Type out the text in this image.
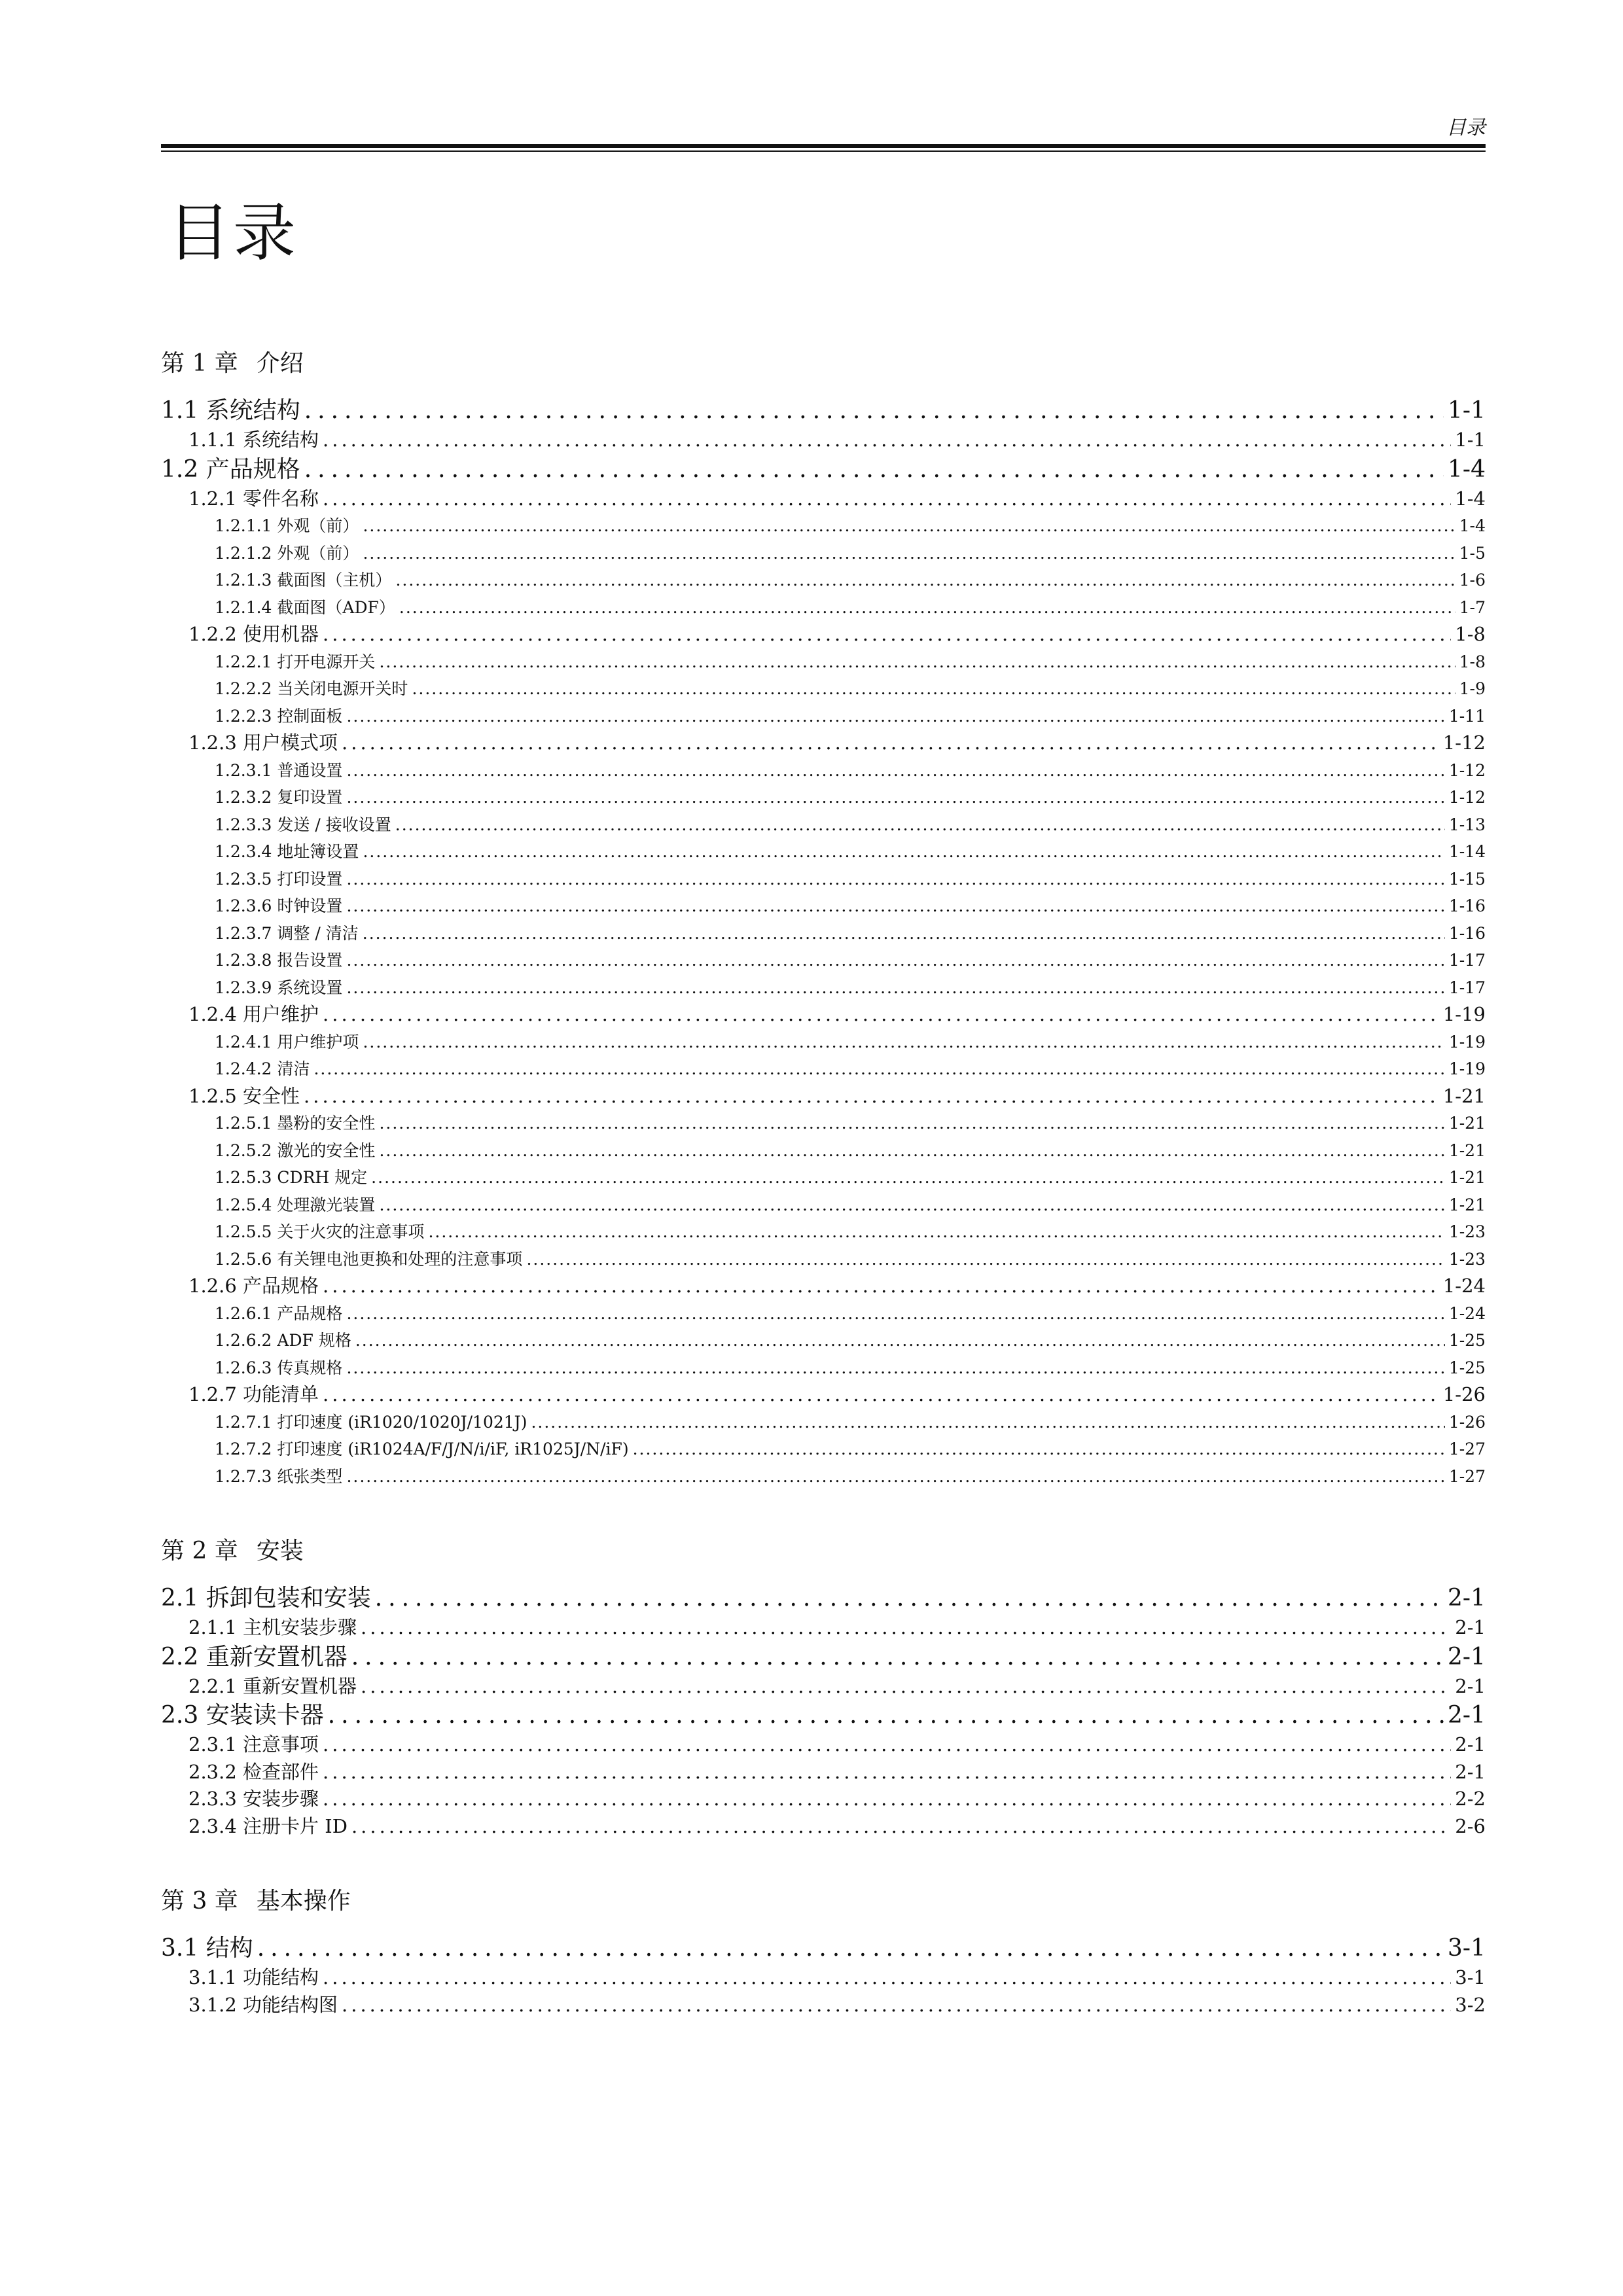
目录
目录
第 1 章 介绍
1.1 系统结构 .....	1-1
1.1.1 系统结构 .....	1-1
1.2 产品规格 .....	1-4
1.2.1 零件名称 .....	1-4
1.2.1.1 外观（前） .....	1-4
1.2.1.2 外观（前） .....	1-5
1.2.1.3 截面图（主机） .....	1-6
1.2.1.4 截面图（ADF） .....	1-7
1.2.2 使用机器 .....	1-8
1.2.2.1 打开电源开关 .....	1-8
1.2.2.2 当关闭电源开关时 .....	1-9
1.2.2.3 控制面板 .....	1-11
1.2.3 用户模式项 .....	1-12
1.2.3.1 普通设置 .....	1-12
1.2.3.2 复印设置 .....	1-12
1.2.3.3 发送 / 接收设置 .....	1-13
1.2.3.4 地址簿设置 .....	1-14
1.2.3.5 打印设置 .....	1-15
1.2.3.6 时钟设置 .....	1-16
1.2.3.7 调整 / 清洁 .....	1-16
1.2.3.8 报告设置 .....	1-17
1.2.3.9 系统设置 .....	1-17
1.2.4 用户维护 .....	1-19
1.2.4.1 用户维护项 .....	1-19
1.2.4.2 清洁 .....	1-19
1.2.5 安全性 .....	1-21
1.2.5.1 墨粉的安全性 .....	1-21
1.2.5.2 激光的安全性 .....	1-21
1.2.5.3 CDRH 规定 .....	1-21
1.2.5.4 处理激光装置 .....	1-21
1.2.5.5 关于火灾的注意事项 .....	1-23
1.2.5.6 有关锂电池更换和处理的注意事项 .....	1-23
1.2.6 产品规格 .....	1-24
1.2.6.1 产品规格 .....	1-24
1.2.6.2 ADF 规格 .....	1-25
1.2.6.3 传真规格 .....	1-25
1.2.7 功能清单 .....	1-26
1.2.7.1 打印速度 (iR1020/1020J/1021J) .....	1-26
1.2.7.2 打印速度 (iR1024A/F/J/N/i/iF, iR1025J/N/iF) .....	1-27
1.2.7.3 纸张类型 .....	1-27
第 2 章 安装
2.1 拆卸包装和安装 .....	2-1
2.1.1 主机安装步骤 .....	2-1
2.2 重新安置机器 .....	2-1
2.2.1 重新安置机器 .....	2-1
2.3 安装读卡器 .....	2-1
2.3.1 注意事项 .....	2-1
2.3.2 检查部件 .....	2-1
2.3.3 安装步骤 .....	2-2
2.3.4 注册卡片 ID .....	2-6
第 3 章 基本操作
3.1 结构 .....	3-1
3.1.1 功能结构 .....	3-1
3.1.2 功能结构图 .....	3-2
